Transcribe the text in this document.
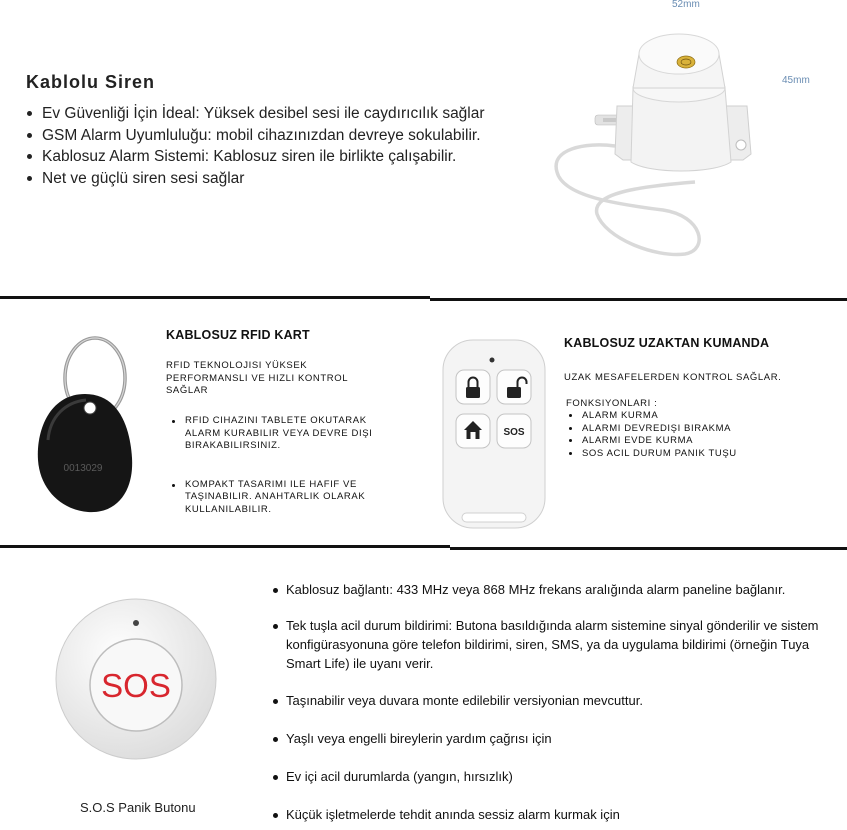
Kablolu Siren
Ev Güvenliği İçin İdeal: Yüksek desibel sesi ile caydırıcılık sağlar
GSM Alarm Uyumluluğu: mobil cihazınızdan devreye sokulabilir.
Kablosuz Alarm Sistemi: Kablosuz siren ile birlikte çalışabilir.
Net ve güçlü siren sesi sağlar
52mm
45mm
0013029
KABLOSUZ RFID KART
RFID TEKNOLOJISI YÜKSEK PERFORMANSLI VE HIZLI KONTROL SAĞLAR
RFID CIHAZINI TABLETE OKUTARAK ALARM KURABILIR VEYA DEVRE DIŞI BIRAKABILIRSINIZ.
KOMPAKT TASARIMI ILE HAFIF VE TAŞINABILIR. ANAHTARLIK OLARAK KULLANILABILIR.
SOS
KABLOSUZ UZAKTAN KUMANDA
UZAK MESAFELERDEN KONTROL SAĞLAR.
FONKSIYONLARI :
ALARM KURMA
ALARMI DEVREDIŞI BIRAKMA
ALARMI EVDE KURMA
SOS ACIL DURUM PANIK TUŞU
SOS
S.O.S Panik Butonu
Kablosuz bağlantı: 433 MHz veya 868 MHz frekans aralığında alarm paneline bağlanır.
Tek tuşla acil durum bildirimi: Butona basıldığında alarm sistemine sinyal gönderilir ve sistem konfigürasyonuna göre telefon bildirimi, siren, SMS, ya da uygulama bildirimi (örneğin Tuya Smart Life) ile uyanı verir.
Taşınabilir veya duvara monte edilebilir versiyonian mevcuttur.
Yaşlı veya engelli bireylerin yardım çağrısı için
Ev içi acil durumlarda (yangın, hırsızlık)
Küçük işletmelerde tehdit anında sessiz alarm kurmak için
